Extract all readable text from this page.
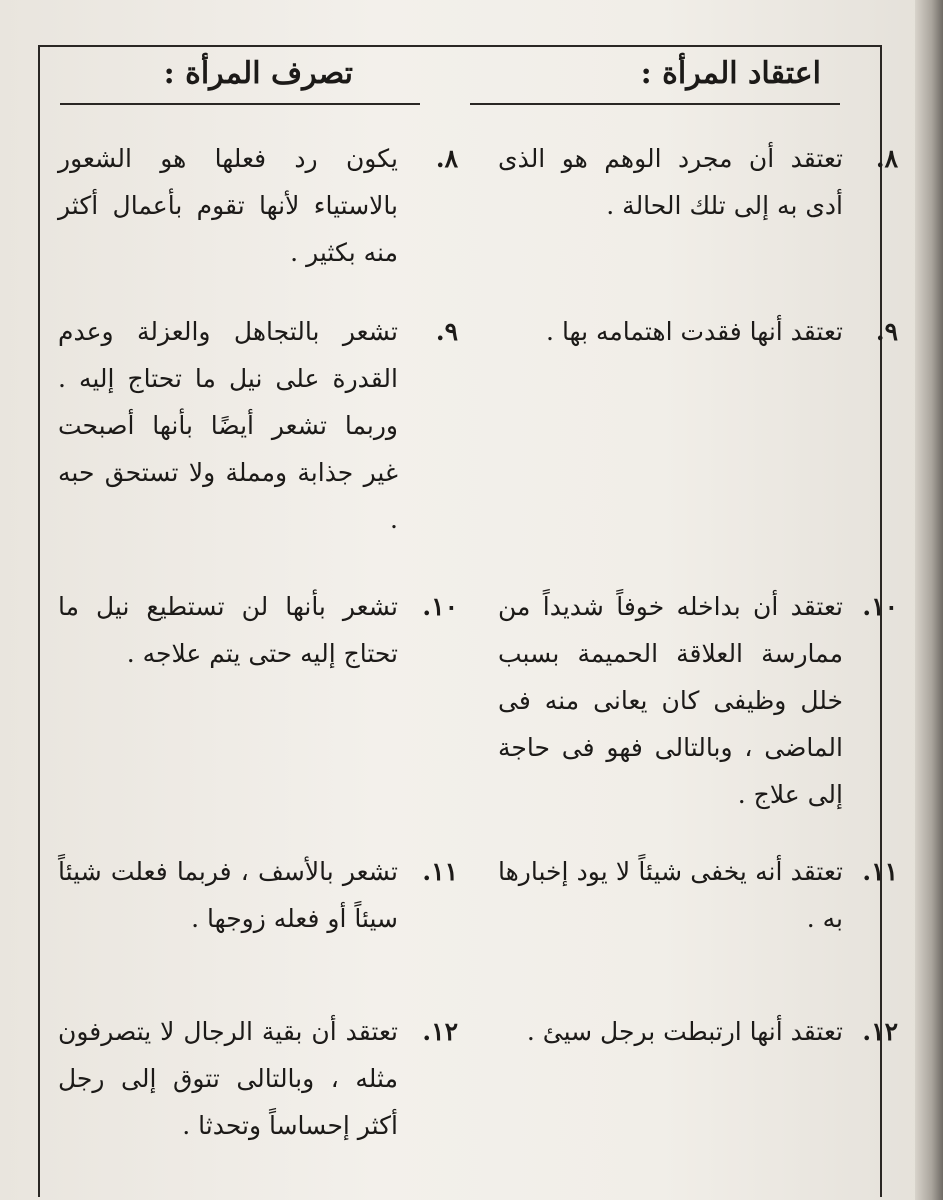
اعتقاد المرأة :
تصرف المرأة :
٨.
تعتقد أن مجرد الوهم هو الذى أدى به إلى تلك الحالة .
٨.
يكون رد فعلها هو الشعور بالاستياء لأنها تقوم بأعمال أكثر منه بكثير .
٩.
تعتقد أنها فقدت اهتمامه بها .
٩.
تشعر بالتجاهل والعزلة وعدم القدرة على نيل ما تحتاج إليه . وربما تشعر أيضًا بأنها أصبحت غير جذابة ومملة ولا تستحق حبه .
١٠.
تعتقد أن بداخله خوفاً شديداً من ممارسة العلاقة الحميمة بسبب خلل وظيفى كان يعانى منه فى الماضى ، وبالتالى فهو فى حاجة إلى علاج .
١٠.
تشعر بأنها لن تستطيع نيل ما تحتاج إليه حتى يتم علاجه .
١١.
تعتقد أنه يخفى شيئاً لا يود إخبارها به .
١١.
تشعر بالأسف ، فربما فعلت شيئاً سيئاً أو فعله زوجها .
١٢.
تعتقد أنها ارتبطت برجل سيئ .
١٢.
تعتقد أن بقية الرجال لا يتصرفون مثله ، وبالتالى تتوق إلى رجل أكثر إحساساً وتحدثا .
